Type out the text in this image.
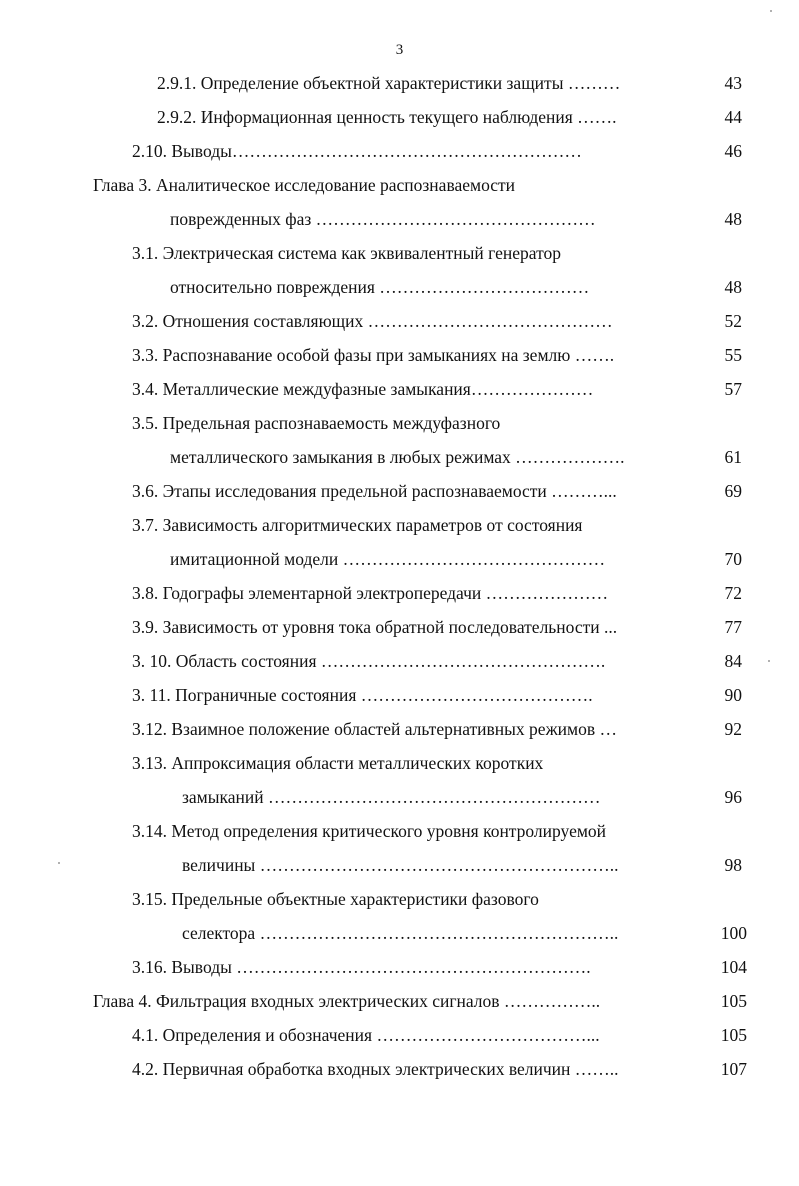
3
2.9.1. Определение объектной характеристики защиты ………	43
2.9.2. Информационная ценность текущего наблюдения …….	44
2.10. Выводы……………………………………………………	46
Глава 3. Аналитическое исследование распознаваемости
поврежденных фаз …………………………………………	48
3.1. Электрическая система как эквивалентный генератор
относительно повреждения ………………………………	48
3.2. Отношения составляющих ……………………………………	52
3.3. Распознавание особой фазы при замыканиях на землю …….	55
3.4. Металлические междуфазные замыкания…………………	57
3.5. Предельная распознаваемость междуфазного
металлического замыкания в любых режимах ……………….	61
3.6. Этапы исследования предельной распознаваемости ………...	69
3.7. Зависимость алгоритмических параметров от состояния
имитационной модели ………………………………………	70
3.8. Годографы элементарной электропередачи …………………	72
3.9. Зависимость от уровня тока обратной последовательности ...	77
3. 10. Область состояния ………………………………………….	84
3. 11. Пограничные состояния ………………………………….	90
3.12. Взаимное положение областей альтернативных режимов …	92
3.13. Аппроксимация области металлических коротких
замыканий …………………………………………………	96
3.14. Метод определения критического уровня контролируемой
величины ……………………………………………………..	98
3.15. Предельные объектные характеристики фазового
селектора ……………………………………………………..	100
3.16. Выводы …………………………………………………….	104
Глава 4. Фильтрация входных электрических сигналов ……………..	105
4.1. Определения и обозначения ………………………………...	105
4.2. Первичная обработка входных электрических величин ……..	107
